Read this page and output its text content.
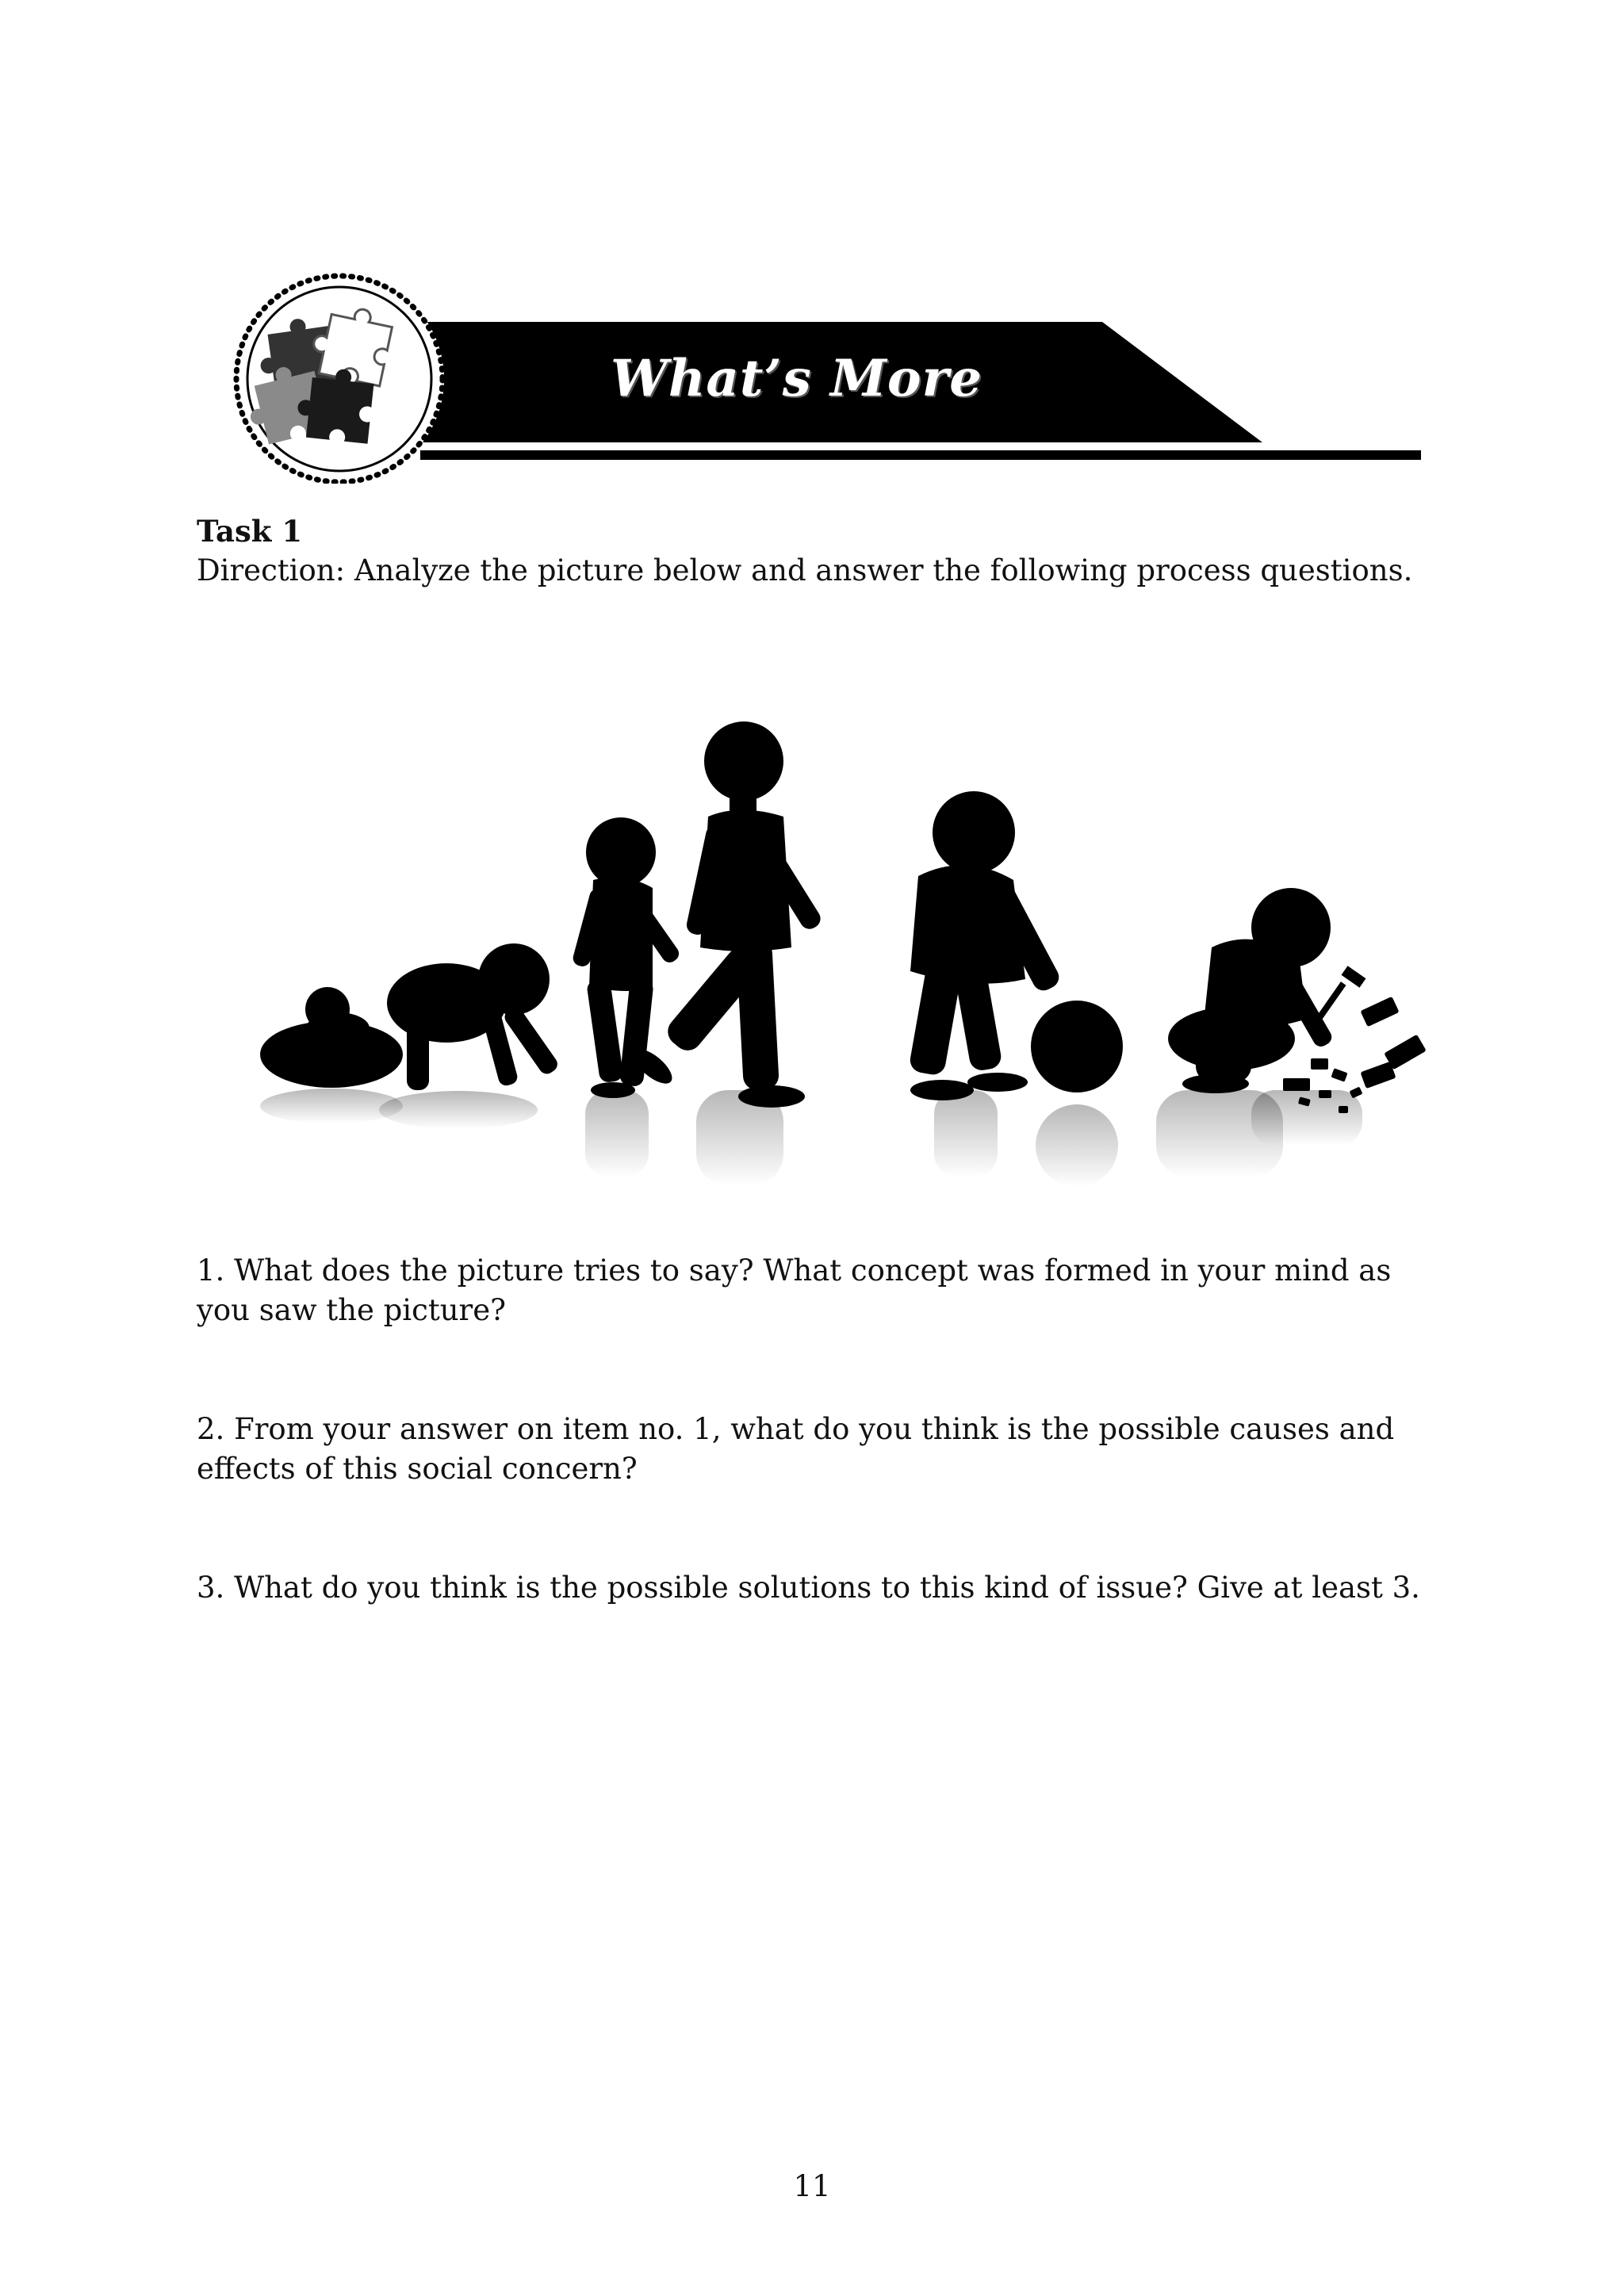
What’s More

Task 1

Direction: Analyze the picture below and answer the following process questions.

1. What does the picture tries to say? What concept was formed in your mind as you saw the picture?

2. From your answer on item no. 1, what do you think is the possible causes and effects of this social concern?

3. What do you think is the possible solutions to this kind of issue? Give at least 3.

11
